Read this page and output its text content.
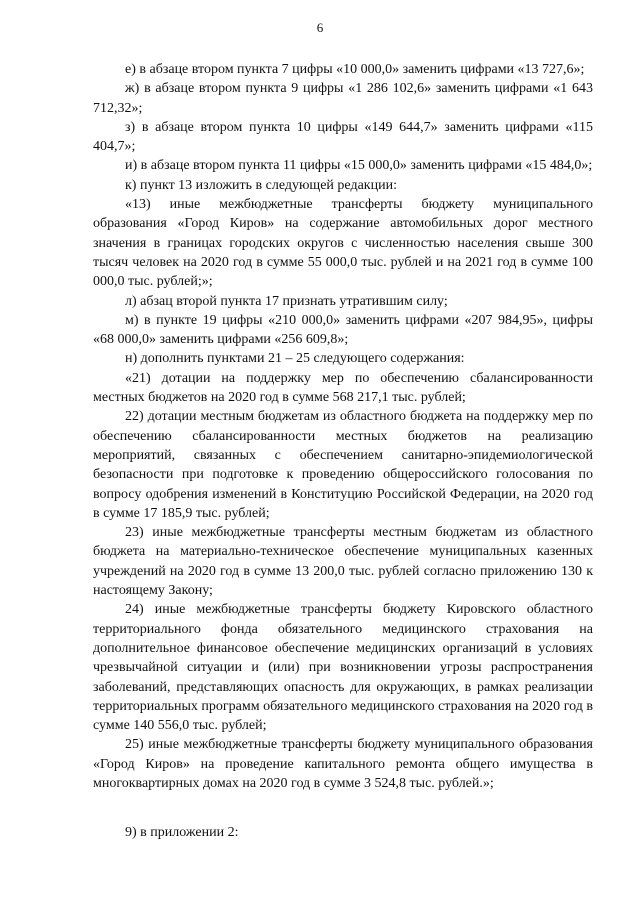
6

е) в абзаце втором пункта 7 цифры «10 000,0» заменить цифрами «13 727,6»;

ж) в абзаце втором пункта 9 цифры «1 286 102,6» заменить цифрами «1 643 712,32»;

з) в абзаце втором пункта 10 цифры «149 644,7» заменить цифрами «115 404,7»;

и) в абзаце втором пункта 11 цифры «15 000,0» заменить цифрами «15 484,0»;

к) пункт 13 изложить в следующей редакции:

«13) иные межбюджетные трансферты бюджету муниципального образования «Город Киров» на содержание автомобильных дорог местного значения в границах городских округов с численностью населения свыше 300 тысяч человек на 2020 год в сумме 55 000,0 тыс. рублей и на 2021 год в сумме 100 000,0 тыс. рублей;»;

л) абзац второй пункта 17 признать утратившим силу;

м) в пункте 19 цифры «210 000,0» заменить цифрами «207 984,95», цифры «68 000,0» заменить цифрами «256 609,8»;

н) дополнить пунктами 21 – 25 следующего содержания:

«21) дотации на поддержку мер по обеспечению сбалансированности местных бюджетов на 2020 год в сумме 568 217,1 тыс. рублей;

22) дотации местным бюджетам из областного бюджета на поддержку мер по обеспечению сбалансированности местных бюджетов на реализацию мероприятий, связанных с обеспечением санитарно-эпидемиологической безопасности при подготовке к проведению общероссийского голосования по вопросу одобрения изменений в Конституцию Российской Федерации, на 2020 год в сумме 17 185,9 тыс. рублей;

23) иные межбюджетные трансферты местным бюджетам из областного бюджета на материально-техническое обеспечение муниципальных казенных учреждений на 2020 год в сумме 13 200,0 тыс. рублей согласно приложению 130 к настоящему Закону;

24) иные межбюджетные трансферты бюджету Кировского областного территориального фонда обязательного медицинского страхования на дополнительное финансовое обеспечение медицинских организаций в условиях чрезвычайной ситуации и (или) при возникновении угрозы распространения заболеваний, представляющих опасность для окружающих, в рамках реализации территориальных программ обязательного медицинского страхования на 2020 год в сумме 140 556,0 тыс. рублей;

25) иные межбюджетные трансферты бюджету муниципального образования «Город Киров» на проведение капитального ремонта общего имущества в многоквартирных домах на 2020 год в сумме 3 524,8 тыс. рублей.»;

9) в приложении 2:
